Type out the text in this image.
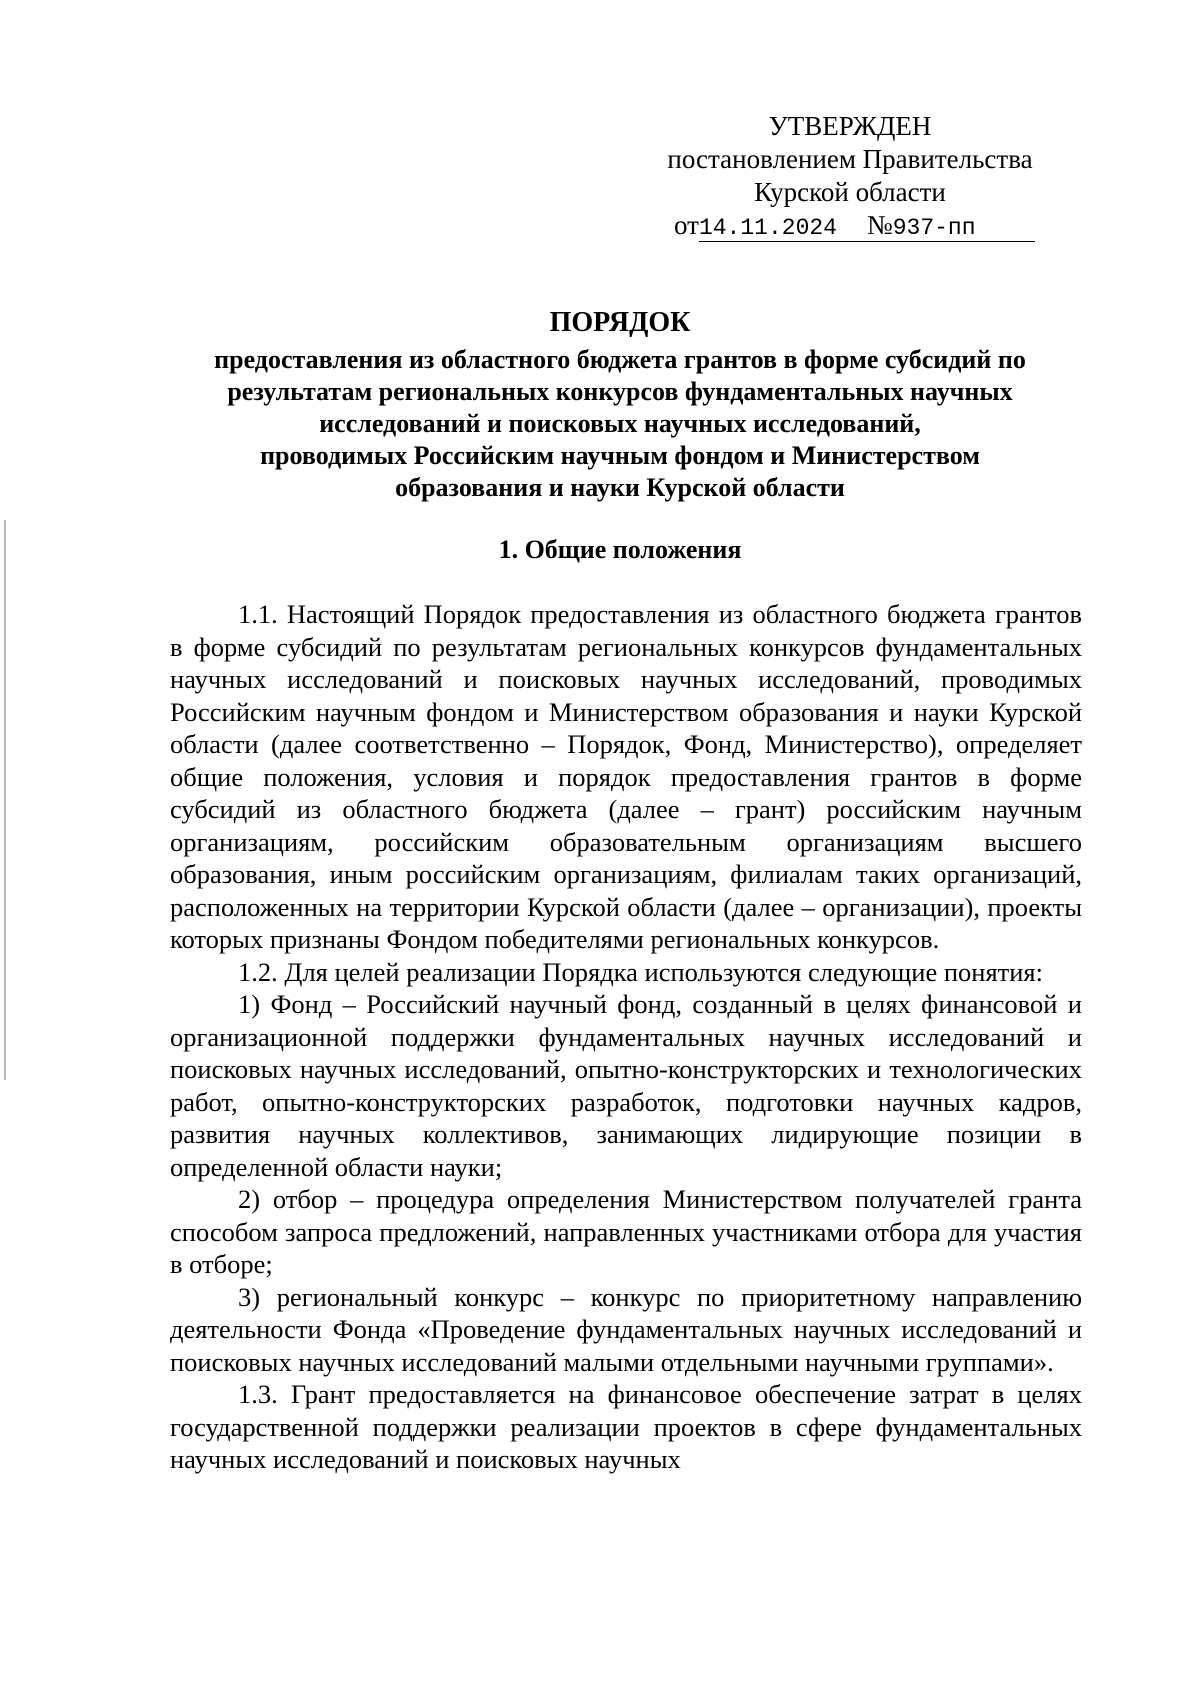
УТВЕРЖДЕН
постановлением Правительства
Курской области
от14.11.2024 №937-пп
ПОРЯДОК
предоставления из областного бюджета грантов в форме субсидий по
результатам региональных конкурсов фундаментальных научных
исследований и поисковых научных исследований,
проводимых Российским научным фондом и Министерством
образования и науки Курской области
1. Общие положения

1.1. Настоящий Порядок предоставления из областного бюджета грантов в форме субсидий по результатам региональных конкурсов фундаментальных научных исследований и поисковых научных исследований, проводимых Российским научным фондом и Министерством образования и науки Курской области (далее соответственно – Порядок, Фонд, Министерство), определяет общие положения, условия и порядок предоставления грантов в форме субсидий из областного бюджета (далее – грант) российским научным организациям, российским образовательным организациям высшего образования, иным российским организациям, филиалам таких организаций, расположенных на территории Курской области (далее – организации), проекты которых признаны Фондом победителями региональных конкурсов.

1.2. Для целей реализации Порядка используются следующие понятия:

1) Фонд – Российский научный фонд, созданный в целях финансовой и организационной поддержки фундаментальных научных исследований и поисковых научных исследований, опытно-конструкторских и технологических работ, опытно-конструкторских разработок, подготовки научных кадров, развития научных коллективов, занимающих лидирующие позиции в определенной области науки;

2) отбор – процедура определения Министерством получателей гранта способом запроса предложений, направленных участниками отбора для участия в отборе;

3) региональный конкурс – конкурс по приоритетному направлению деятельности Фонда «Проведение фундаментальных научных исследований и поисковых научных исследований малыми отдельными научными группами».

1.3. Грант предоставляется на финансовое обеспечение затрат в целях государственной поддержки реализации проектов в сфере фундаментальных научных исследований и поисковых научных
